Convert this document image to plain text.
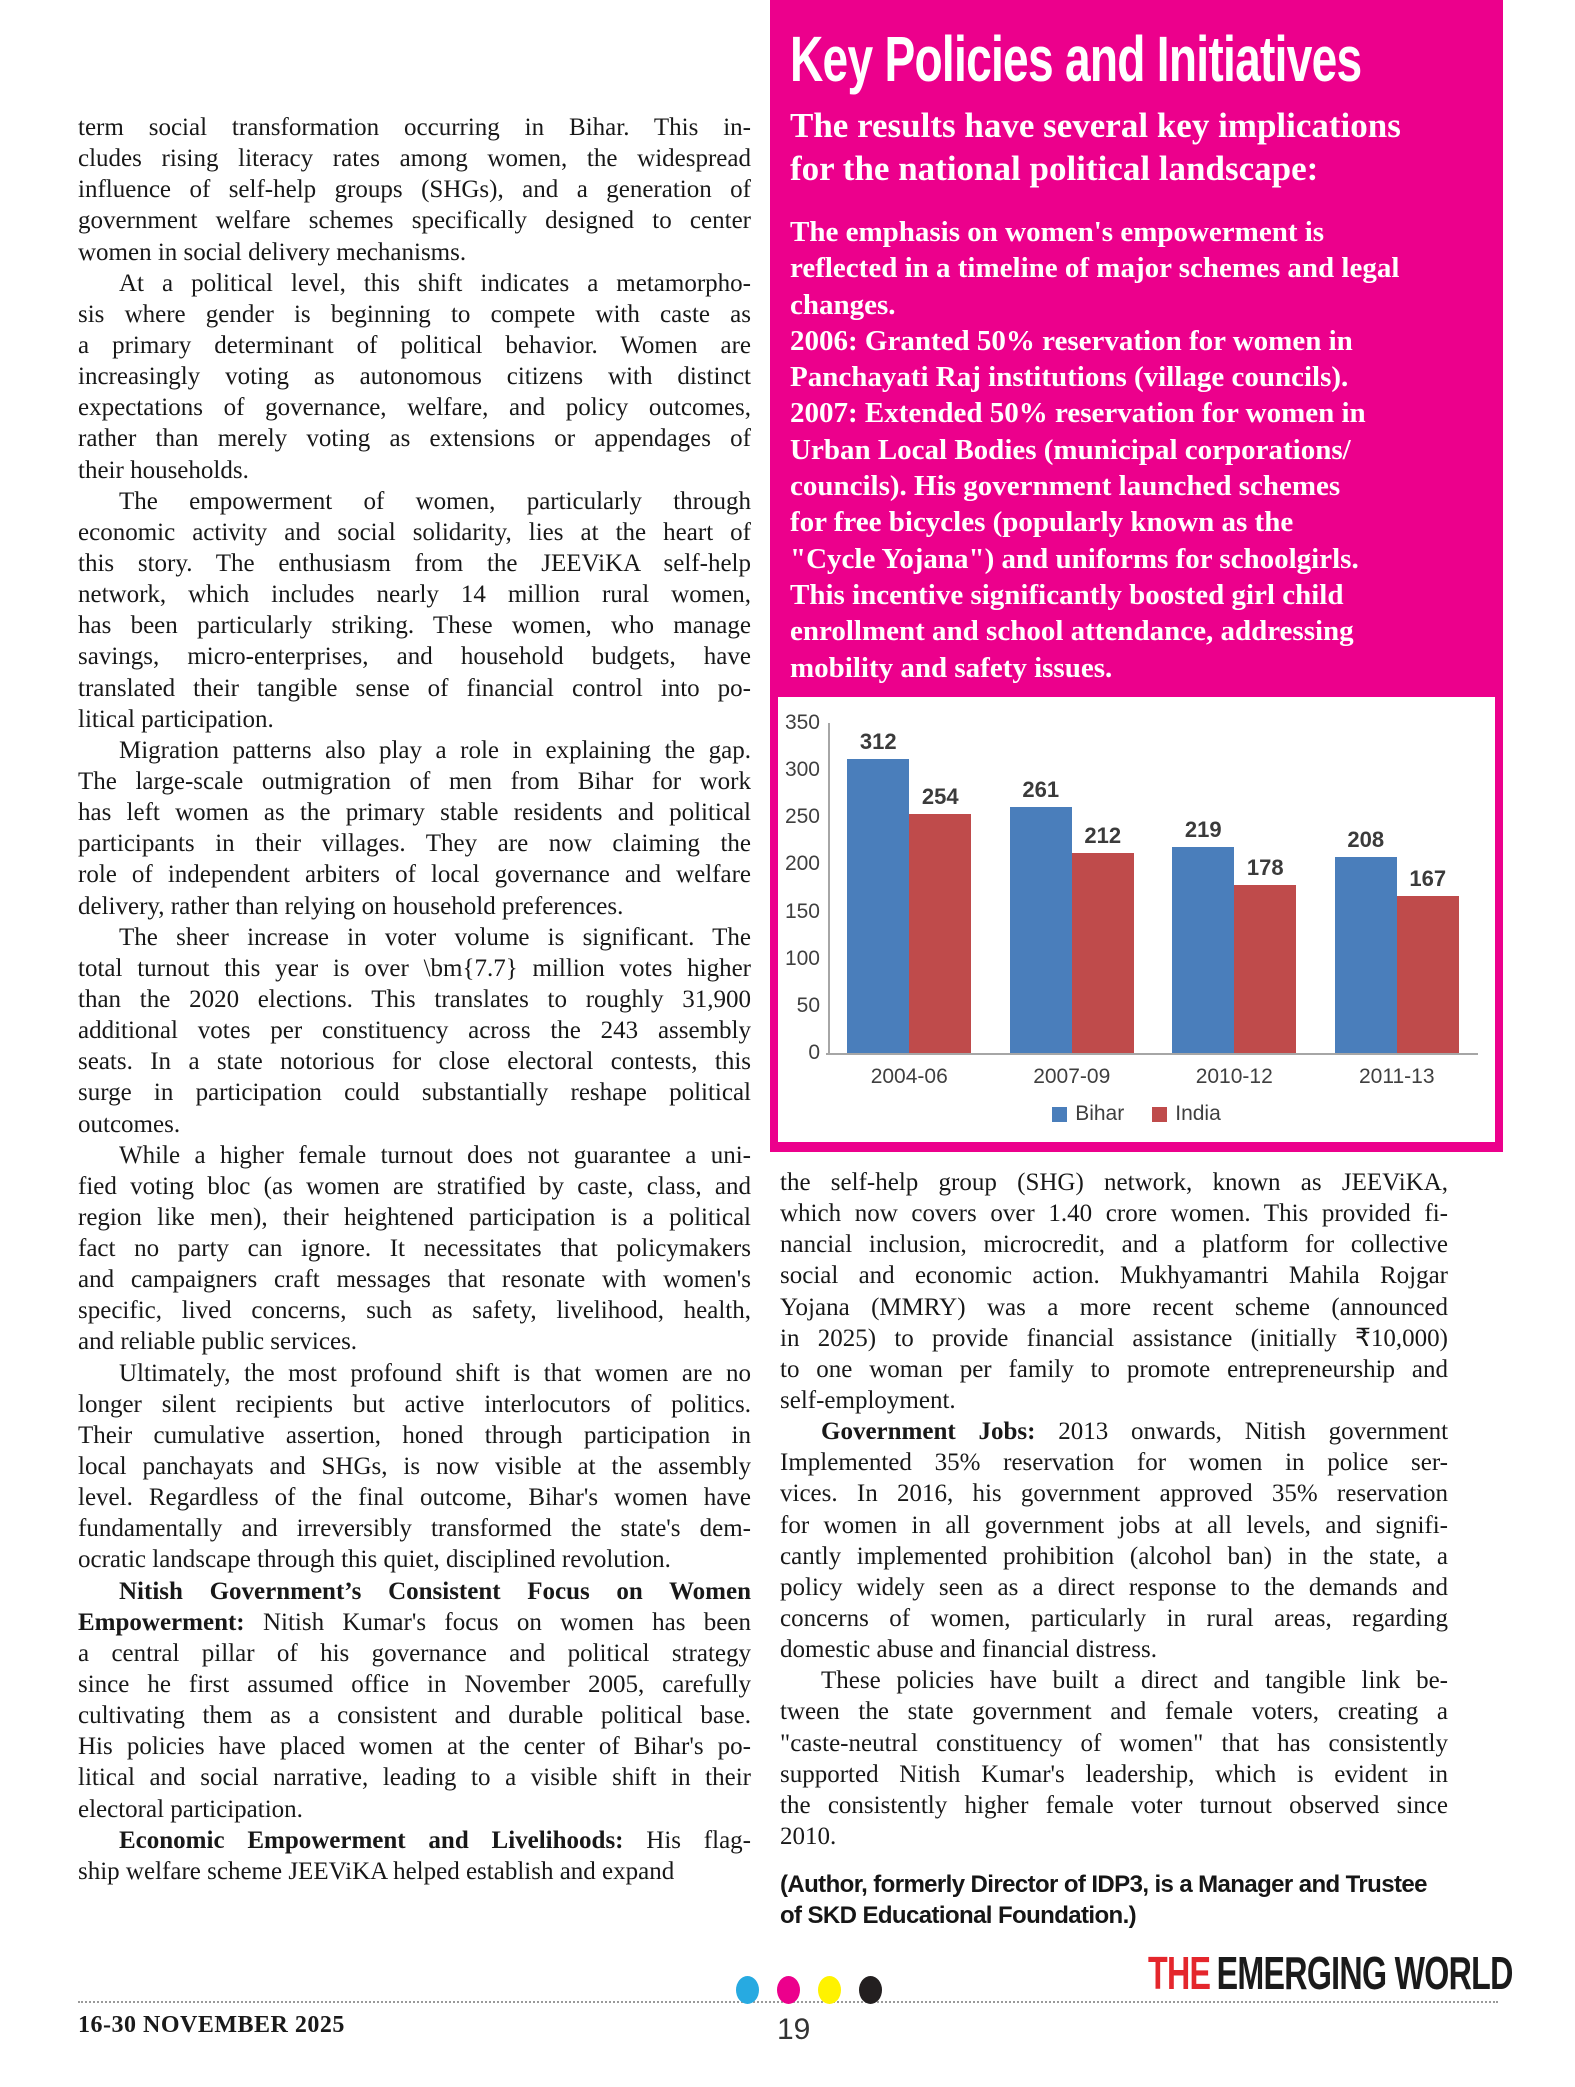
term social transformation occurring in Bihar. This in-
cludes rising literacy rates among women, the widespread
influence of self-help groups (SHGs), and a generation of
government welfare schemes specifically designed to center
women in social delivery mechanisms.
At a political level, this shift indicates a metamorpho-
sis where gender is beginning to compete with caste as
a primary determinant of political behavior. Women are
increasingly voting as autonomous citizens with distinct
expectations of governance, welfare, and policy outcomes,
rather than merely voting as extensions or appendages of
their households.
The empowerment of women, particularly through
economic activity and social solidarity, lies at the heart of
this story. The enthusiasm from the JEEViKA self-help
network, which includes nearly 14 million rural women,
has been particularly striking. These women, who manage
savings, micro-enterprises, and household budgets, have
translated their tangible sense of financial control into po-
litical participation.
Migration patterns also play a role in explaining the gap.
The large-scale outmigration of men from Bihar for work
has left women as the primary stable residents and political
participants in their villages. They are now claiming the
role of independent arbiters of local governance and welfare
delivery, rather than relying on household preferences.
The sheer increase in voter volume is significant. The
total turnout this year is over \bm{7.7} million votes higher
than the 2020 elections. This translates to roughly 31,900
additional votes per constituency across the 243 assembly
seats. In a state notorious for close electoral contests, this
surge in participation could substantially reshape political
outcomes.
While a higher female turnout does not guarantee a uni-
fied voting bloc (as women are stratified by caste, class, and
region like men), their heightened participation is a political
fact no party can ignore. It necessitates that policymakers
and campaigners craft messages that resonate with women's
specific, lived concerns, such as safety, livelihood, health,
and reliable public services.
Ultimately, the most profound shift is that women are no
longer silent recipients but active interlocutors of politics.
Their cumulative assertion, honed through participation in
local panchayats and SHGs, is now visible at the assembly
level. Regardless of the final outcome, Bihar's women have
fundamentally and irreversibly transformed the state's dem-
ocratic landscape through this quiet, disciplined revolution.
Nitish Government’s Consistent Focus on Women
Empowerment: Nitish Kumar's focus on women has been
a central pillar of his governance and political strategy
since he first assumed office in November 2005, carefully
cultivating them as a consistent and durable political base.
His policies have placed women at the center of Bihar's po-
litical and social narrative, leading to a visible shift in their
electoral participation.
Economic Empowerment and Livelihoods: His flag-
ship welfare scheme JEEViKA helped establish and expand
Key Policies and Initiatives
The results have several key implications
for the national political landscape:
The emphasis on women's empowerment is
reflected in a timeline of major schemes and legal
changes.
2006: Granted 50% reservation for women in
Panchayati Raj institutions (village councils).
2007: Extended 50% reservation for women in
Urban Local Bodies (municipal corporations/
councils). His government launched schemes
for free bicycles (popularly known as the
"Cycle Yojana") and uniforms for schoolgirls.
This incentive significantly boosted girl child
enrollment and school attendance, addressing
mobility and safety issues.
0
50
100
150
200
250
300
350
312
254
2004-06
261
212
2007-09
219
178
2010-12
208
167
2011-13
Bihar India
the self-help group (SHG) network, known as JEEViKA,
which now covers over 1.40 crore women. This provided fi-
nancial inclusion, microcredit, and a platform for collective
social and economic action. Mukhyamantri Mahila Rojgar
Yojana (MMRY) was a more recent scheme (announced
in 2025) to provide financial assistance (initially ₹10,000)
to one woman per family to promote entrepreneurship and
self-employment.
Government Jobs: 2013 onwards, Nitish government
Implemented 35% reservation for women in police ser-
vices. In 2016, his government approved 35% reservation
for women in all government jobs at all levels, and signifi-
cantly implemented prohibition (alcohol ban) in the state, a
policy widely seen as a direct response to the demands and
concerns of women, particularly in rural areas, regarding
domestic abuse and financial distress.
These policies have built a direct and tangible link be-
tween the state government and female voters, creating a
"caste-neutral constituency of women" that has consistently
supported Nitish Kumar's leadership, which is evident in
the consistently higher female voter turnout observed since
2010.
(Author, formerly Director of IDP3, is a Manager and Trustee
of SKD Educational Foundation.)
16-30 NOVEMBER 2025	19
THE EMERGING WORLD
